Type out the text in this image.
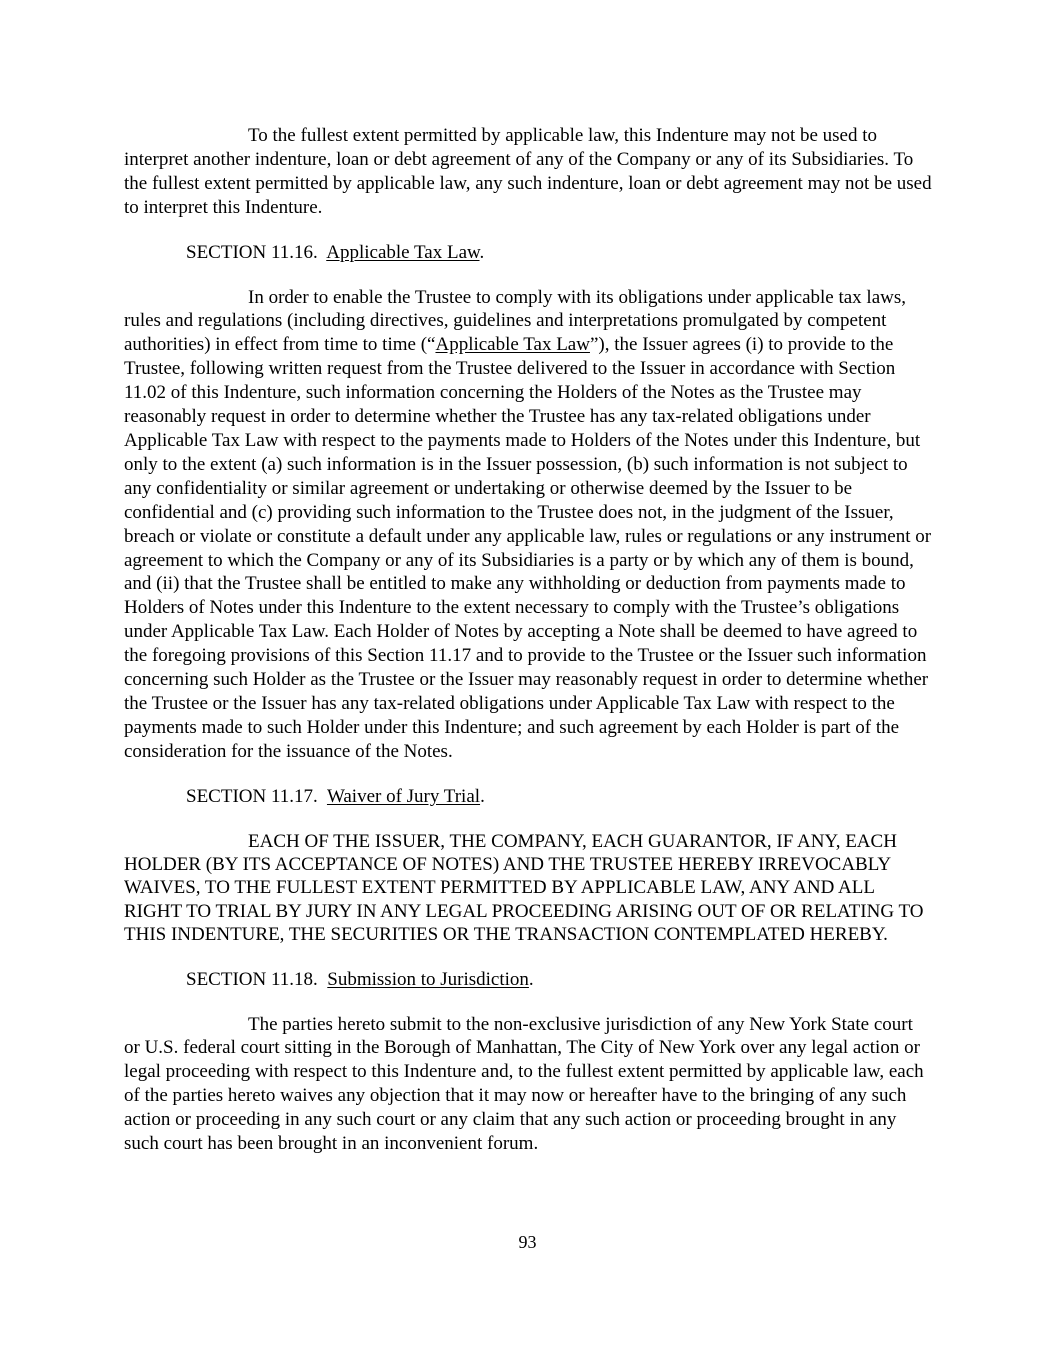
To the fullest extent permitted by applicable law, this Indenture may not be used to interpret another indenture, loan or debt agreement of any of the Company or any of its Subsidiaries. To the fullest extent permitted by applicable law, any such indenture, loan or debt agreement may not be used to interpret this Indenture.

SECTION 11.16. Applicable Tax Law.

In order to enable the Trustee to comply with its obligations under applicable tax laws, rules and regulations (including directives, guidelines and interpretations promulgated by competent authorities) in effect from time to time (“Applicable Tax Law”), the Issuer agrees (i) to provide to the Trustee, following written request from the Trustee delivered to the Issuer in accordance with Section 11.02 of this Indenture, such information concerning the Holders of the Notes as the Trustee may reasonably request in order to determine whether the Trustee has any tax-related obligations under Applicable Tax Law with respect to the payments made to Holders of the Notes under this Indenture, but only to the extent (a) such information is in the Issuer possession, (b) such information is not subject to any confidentiality or similar agreement or undertaking or otherwise deemed by the Issuer to be confidential and (c) providing such information to the Trustee does not, in the judgment of the Issuer, breach or violate or constitute a default under any applicable law, rules or regulations or any instrument or agreement to which the Company or any of its Subsidiaries is a party or by which any of them is bound, and (ii) that the Trustee shall be entitled to make any withholding or deduction from payments made to Holders of Notes under this Indenture to the extent necessary to comply with the Trustee’s obligations under Applicable Tax Law. Each Holder of Notes by accepting a Note shall be deemed to have agreed to the foregoing provisions of this Section 11.17 and to provide to the Trustee or the Issuer such information concerning such Holder as the Trustee or the Issuer may reasonably request in order to determine whether the Trustee or the Issuer has any tax-related obligations under Applicable Tax Law with respect to the payments made to such Holder under this Indenture; and such agreement by each Holder is part of the consideration for the issuance of the Notes.

SECTION 11.17. Waiver of Jury Trial.

EACH OF THE ISSUER, THE COMPANY, EACH GUARANTOR, IF ANY, EACH HOLDER (BY ITS ACCEPTANCE OF NOTES) AND THE TRUSTEE HEREBY IRREVOCABLY WAIVES, TO THE FULLEST EXTENT PERMITTED BY APPLICABLE LAW, ANY AND ALL RIGHT TO TRIAL BY JURY IN ANY LEGAL PROCEEDING ARISING OUT OF OR RELATING TO THIS INDENTURE, THE SECURITIES OR THE TRANSACTION CONTEMPLATED HEREBY.

SECTION 11.18. Submission to Jurisdiction.

The parties hereto submit to the non-exclusive jurisdiction of any New York State court or U.S. federal court sitting in the Borough of Manhattan, The City of New York over any legal action or legal proceeding with respect to this Indenture and, to the fullest extent permitted by applicable law, each of the parties hereto waives any objection that it may now or hereafter have to the bringing of any such action or proceeding in any such court or any claim that any such action or proceeding brought in any such court has been brought in an inconvenient forum.

93
